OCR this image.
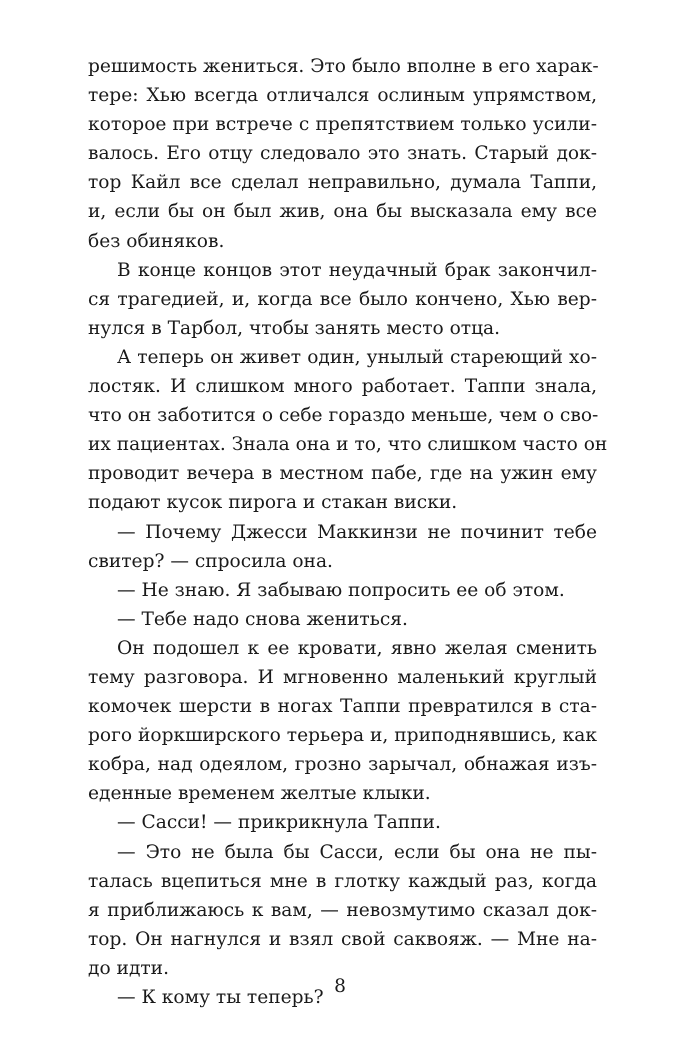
решимость жениться. Это было вполне в его харак-
тере: Хью всегда отличался ослиным упрямством,
которое при встрече с препятствием только усили-
валось. Его отцу следовало это знать. Старый док-
тор Кайл все сделал неправильно, думала Таппи,
и, если бы он был жив, она бы высказала ему все
без обиняков.
В конце концов этот неудачный брак закончил-
ся трагедией, и, когда все было кончено, Хью вер-
нулся в Тарбол, чтобы занять место отца.
А теперь он живет один, унылый стареющий хо-
лостяк. И слишком много работает. Таппи знала,
что он заботится о себе гораздо меньше, чем о сво-
их пациентах. Знала она и то, что слишком часто он
проводит вечера в местном пабе, где на ужин ему
подают кусок пирога и стакан виски.
— Почему Джесси Маккинзи не починит тебе
свитер? — спросила она.
— Не знаю. Я забываю попросить ее об этом.
— Тебе надо снова жениться.
Он подошел к ее кровати, явно желая сменить
тему разговора. И мгновенно маленький круглый
комочек шерсти в ногах Таппи превратился в ста-
рого йоркширского терьера и, приподнявшись, как
кобра, над одеялом, грозно зарычал, обнажая изъ-
еденные временем желтые клыки.
— Сасси! — прикрикнула Таппи.
— Это не была бы Сасси, если бы она не пы-
талась вцепиться мне в глотку каждый раз, когда
я приближаюсь к вам, — невозмутимо сказал док-
тор. Он нагнулся и взял свой саквояж. — Мне на-
до идти.
— К кому ты теперь?
8
